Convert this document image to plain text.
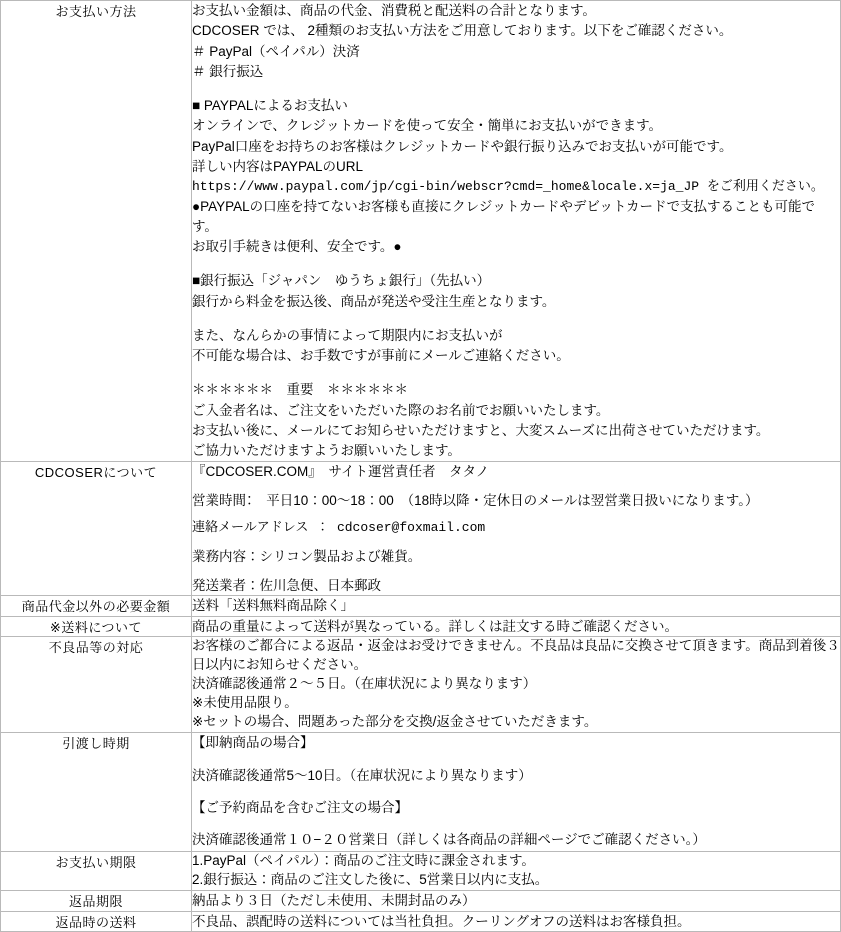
お支払い方法	お支払い金額は、商品の代金、消費税と配送料の合計となります。
CDCOSER では、 2種類のお支払い方法をご用意しております。以下をご確認ください。
＃ PayPal（ペイパル）決済
＃ 銀行振込
■ PAYPALによるお支払い
オンラインで、クレジットカードを使って安全・簡単にお支払いができます。
PayPal口座をお持ちのお客様はクレジットカードや銀行振り込みでお支払いが可能です。
詳しい内容はPAYPALのURL
https://www.paypal.com/jp/cgi-bin/webscr?cmd=_home&locale.x=ja_JP をご利用ください。
●PAYPALの口座を持てないお客様も直接にクレジットカードやデビットカードで支払することも可能です。
お取引手続きは便利、安全です。●
■銀行振込「ジャパン　ゆうちょ銀行」（先払い）
銀行から料金を振込後、商品が発送や受注生産となります。
また、なんらかの事情によって期限内にお支払いが
不可能な場合は、お手数ですが事前にメールご連絡ください。
＊＊＊＊＊＊　重要　＊＊＊＊＊＊
ご入金者名は、ご注文をいただいた際のお名前でお願いいたします。
お支払い後に、メールにてお知らせいただけますと、大変スムーズに出荷させていただけます。
ご協力いただけますようお願いいたします。

CDCOSERについて	『CDCOSER.COM』　サイト運営責任者　タタノ
営業時間：　平日10：00〜18：00　（18時以降・定休日のメールは翌営業日扱いになります。）
連絡メールアドレス ： cdcoser@foxmail.com
業務内容：シリコン製品および雑貨。
発送業者：佐川急便、日本郵政

商品代金以外の必要金額	送料「送料無料商品除く」

※送料について	商品の重量によって送料が異なっている。詳しくは註文する時ご確認ください。

不良品等の対応	お客様のご都合による返品・返金はお受けできません。不良品は良品に交換させて頂きます。商品到着後３日以内にお知らせください。
決済確認後通常２〜５日。（在庫状況により異なります）
※未使用品限り。
※セットの場合、問題あった部分を交換/返金させていただきます。

引渡し時期	【即納商品の場合】
決済確認後通常5〜10日。（在庫状況により異なります）
【ご予約商品を含むご注文の場合】
決済確認後通常１０−２０営業日（詳しくは各商品の詳細ページでご確認ください。）

お支払い期限	1.PayPal（ペイパル）：商品のご注文時に課金されます。
2.銀行振込：商品のご注文した後に、5営業日以内に支払。

返品期限	納品より３日（ただし未使用、未開封品のみ）

返品時の送料	不良品、誤配時の送料については当社負担。クーリングオフの送料はお客様負担。
